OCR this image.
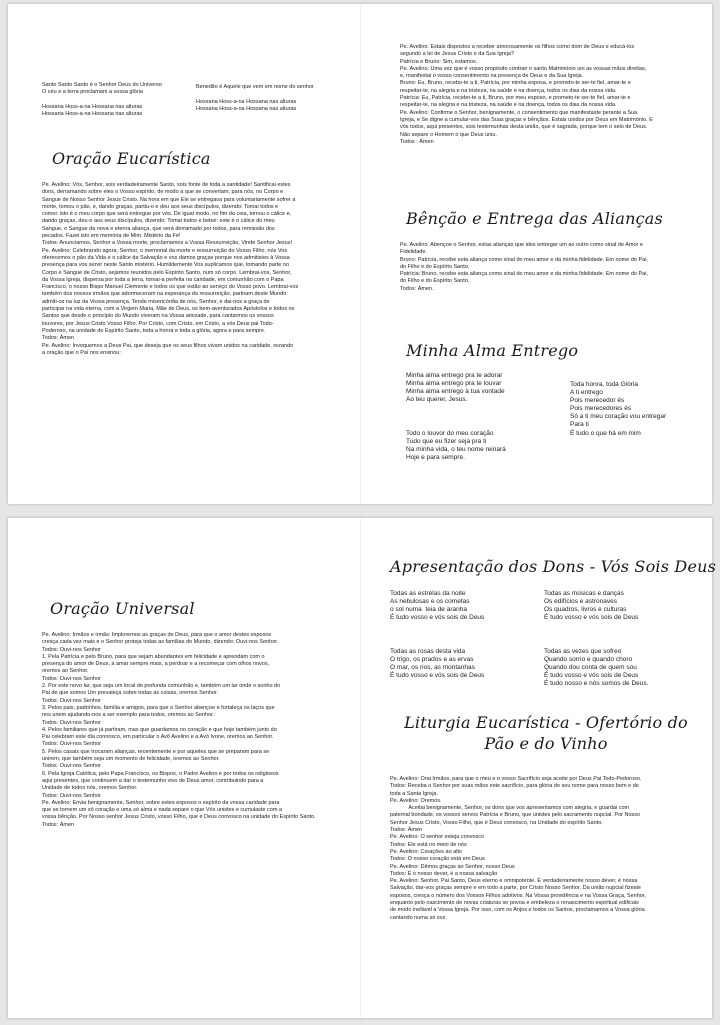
Santo Santo Santo é o Senhor Deus do Universo
O céu e a terra proclamam a vossa glória

Hossana Hoss-a-na Hossana nas alturas
Hossana Hoss-a-na Hossana nas alturas
Benedito é Aquele que vem em nome do senhor

Hossana Hoss-a-na Hossana nas alturas
Hossana Hoss-a-na Hossana nas alturas
Oração Eucarística
Pe. Avelino: Vós, Senhor, sois verdadeiramente Santo, sois fonte de toda a santidade! Santificai estes
dons, derramando sobre eles o Vosso espírito, de modo a que se convertam, para nós, no Corpo e
Sangue de Nosso Senhor Jesus Cristo. Na hora em que Ele se entregava para voluntariamente sofrer a
morte, tomou o pão, e, dando graças, partiu-o e deu aos seus discípulos, dizendo: Tomai todos e
comei: isto é o meu corpo que será entregue por vós. De igual modo, no fim da ceia, tomou o cálice e,
dando graças, deu-o aos seus discípulos, dizendo: Tomai todos e bebei: este é o cálice do meu
Sangue, o Sangue da nova e eterna aliança, que será derramado por todos, para remissão dos
pecados. Fazei isto em memória de Mim. Mistério da Fé!
Todos: Anunciamos, Senhor a Vossa morte, proclamamos a Vossa Ressurreição, Vinde Senhor Jesus!
Pe. Avelino: Celebrando agora, Senhor, o memorial da morte e ressurreição do Vosso Filho, nós Vos
oferecemos o pão da Vida e o cálice da Salvação e vos damos graças porque nos admitistes à Vossa
presença para vos servir neste Santo mistério. Humildemente Vos suplicamos que, tomando parte no
Corpo e Sangue de Cristo, sejamos reunidos pelo Espírito Santo, num só corpo. Lembrai-vos, Senhor,
da Vossa Igreja, dispersa por toda a terra, tornai-a perfeita na caridade, em comunhão com o Papa
Francisco, o nosso Bispo Manuel Clemente e todos os que estão ao serviço do Vosso povo. Lembrai-vos
também dos nossos irmãos que adormeceram na esperança da ressurreição, partiram deste Mundo:
admiti-os na luz da Vossa presença. Tende misericórdia de nós, Senhor, e dai-nos a graça de
participar na vida eterna, com a Virgem Maria, Mãe de Deus, os bem-aventurados Apóstolos e todos os
Santos que desde o princípio do Mundo viveram na Vossa amizade, para cantarmos os vossos
louvores, por Jesus Cristo Vosso Filho. Por Cristo, com Cristo, em Cristo, a vós Deus pai Todo-
Poderoso, na unidade do Espírito Santo, toda a honra e toda a glória, agora e para sempre.
Todos: Ámen
Pe. Avelino: Invoquemos a Deus Pai, que deseja que os seus filhos vivam unidos na caridade, rezando
a oração que o Pai nos ensinou:
Pe. Avelino: Estais dispostos a receber amorosamente os filhos como dom de Deus e educá-los
segundo a lei de Jesus Cristo e da Sua Igreja?
Patrícia e Bruno: Sim, estamos.
Pe. Avelino: Uma vez que é vosso propósito contrair o santo Matrimónio uni as vossas mãos direitas,
e, manifestai o vosso consentimento na presença de Deus e da Sua Igreja.
Bruno: Eu, Bruno, recebo-te a ti, Patrícia, por minha esposa, e prometo-te ser-te fiel, amar-te e
respeitar-te, na alegria e na tristeza, na saúde e na doença, todos os dias da nossa vida.
Patrícia: Eu, Patrícia, recebo-te a ti, Bruno, por meu esposo, e prometo-te ser-te fiel, amar-te e
respeitar-te, na alegria e na tristeza, na saúde e na doença, todos os dias da nossa vida.
Pe. Avelino: Confirme o Senhor, benignamente, o consentimento que manifestaste perante a Sua
Igreja, e Se digne a cumular-vos das Suas graças e bênçãos. Estais unidos por Deus em Matrimónio. E
vós todos, aqui presentes, sois testemunhas desta união, que é sagrada, porque tem o selo de Deus.
Não separe o Homem o que Deus uniu.
Todos : Ámen
Bênção e Entrega das Alianças
Pe. Avelino: Abençoe o Senhor, estas alianças que ides entregar um ao outro como sinal de Amor e
Fidelidade.
Bruno: Patrícia, recebe esta aliança como sinal do meu amor e da minha fidelidade. Em nome do Pai,
do Filho e do Espírito Santo.
Patrícia: Bruno, recebe esta aliança como sinal do meu amor e da minha fidelidade. Em nome do Pai,
do Filho e do Espírito Santo.
Todos: Ámen.
Minha Alma Entrego
Minha alma entrego pra te adorar
Minha alma entrego pra te louvar
Minha alma entrego à tua vontade
Ao teu querer, Jesus.
Todo o louvor do meu coração
Tudo que eu fizer seja pra ti
Na minha vida, o teu nome reinará
Hoje e para sempre.
Toda honra, toda Glória
A ti entrego
Pois merecedor és
Pois merecedores és
Só a ti meu coração vou entregar
Para ti
É tudo o que há em mim
Oração Universal
Pe. Avelino: Irmãos e irmãs: Imploremos as graças de Deus, para que o amor destes esposos
cresça cada vez mais e o Senhor proteja todas as famílias do Mundo, dizendo: Ouvi-nos Senhor.
Todos: Ouvi-nos Senhor
1. Pela Patrícia e pelo Bruno, para que sejam abundantes em felicidade e aprendam com o
presença do amor de Deus, a amar sempre mais, a perdoar e a recomeçar com olhos novos,
oremos ao Senhor.
Todos: Ouvi-nos Senhor
2. Por este novo lar, que seja um local de profunda comunhão e, também um lar onde o sonho do
Pai de que somos Um prevaleça sobre todas as coisas, oremos Senhor.
Todos: Ouvi-nos Senhor
3. Pelos pais, padrinhos, família e amigos, para que o Senhor abençoe e fortaleça os laços que
nos unem ajudando-nos a ser exemplo para todos, oremos ao Senhor.
Todos: Ouvi-nos Senhor
4. Pelos familiares que já partiram, mas que guardamos no coração e que hoje também junto do
Pai celebram este dia connosco, em particular o Avô Avelino e a Avó Ivone, oremos ao Senhor.
Todos: Ouvi-nos Senhor
5. Pelos casais que trocaram alianças, recentemente e por aqueles que se preparam para se
unirem, que também seja um momento de felicidade, oremos ao Senhor.
Todos: Ouvi-nos Senhor
6. Pela Igreja Católica, pelo Papa Francisco, os Bispos, o Padre Avelino e por todos os religiosos
aqui presentes, que continuem a dar o testemunho vivo de Deus amor, contribuindo para a
Unidade de todos nós, oremos Senhor.
Todos: Ouvi-nos Senhor
Pe. Avelino: Envia benignamente, Senhor, sobre estes esposos o espírito da vossa caridade para
que se tornem um só coração e uma só alma e nada separe o que Vós unistes e cumulaste com a
vossa bênção. Por Nosso senhor Jesus Cristo, vosso Filho, que é Deus convosco na unidade do Espírito Santo.
Todos: Ámen
Apresentação dos Dons - Vós Sois Deus
Todas as estrelas da noite
As nebulosas e os cometas
o sol numa  teia de aranha
É tudo vosso e vós sois de Deus
Todas as músicas e danças
Os edifícios e astronaves
Os quadros, livros e culturas
É tudo vosso e vós sois de Deus
Todas as rosas desta vida
O trigo, os prados e as ervas
O mar, os rios, as montanhas
É tudo vosso e vós sois de Deus
Todas as vezes que sofreo
Quando sorrio e quando choro
Quando dou conta de quem sou
É tudo vosso e vós sois de Deus
É tudo nosso e nós somos de Deus.
Liturgia Eucarística - Ofertório do Pão e do Vinho
Pe. Avelino: Orai Irmãos, para que o meu e o vosso Sacrifício seja aceite por Deus Pai Todo-Pedoroso.
Todos: Receba o Senhor por suas mãos este sacrifício, para glória do seu nome para nosso bem e de
toda a Santa Igreja.
Pe. Avelino: Oremos.
Aceitai benignamente, Senhor, os dons que vos apresentamos com alegria, e guardai com
paternal bondade, os vossos servos Patrícia e Bruno, que unistes pelo sacramento nupcial. Por Nosso
Senhor Jesus Cristo, Vosso Filho, que é Deus convosco, na Unidade do espírito Santo.
Todos: Ámen
Pe. Avelino: O senhor esteja convosco
Todos: Ele está no meio de nós
Pe. Avelino: Corações ao alto
Todos: O nosso coração está em Deus
Pe. Avelino: Dêmos graças ao Senhor, nosso Deus
Todos: É o nosso dever, é a nossa salvação
Pe. Avelino: Senhor, Pai Santo, Deus eterno e omnipotente. É verdadeiramente nosso dever, é nossa
Salvação, dar-vos graças sempre e em todo a parte, por Cristo Nosso Senhor. Da união nupcial fizeste
esposos, cresça o número dos Vossos Filhos adotivos. Na Vossa providência e na Vossa Graça, Senhor,
enquanto pelo nascimento de novas criaturas se povoa e embeleza o renascimento espiritual edificais
de modo inefável a Vossa Igreja. Por isso, com os Anjos e todos os Santos, proclamamos a Vossa glória
cantando numa só voz.
